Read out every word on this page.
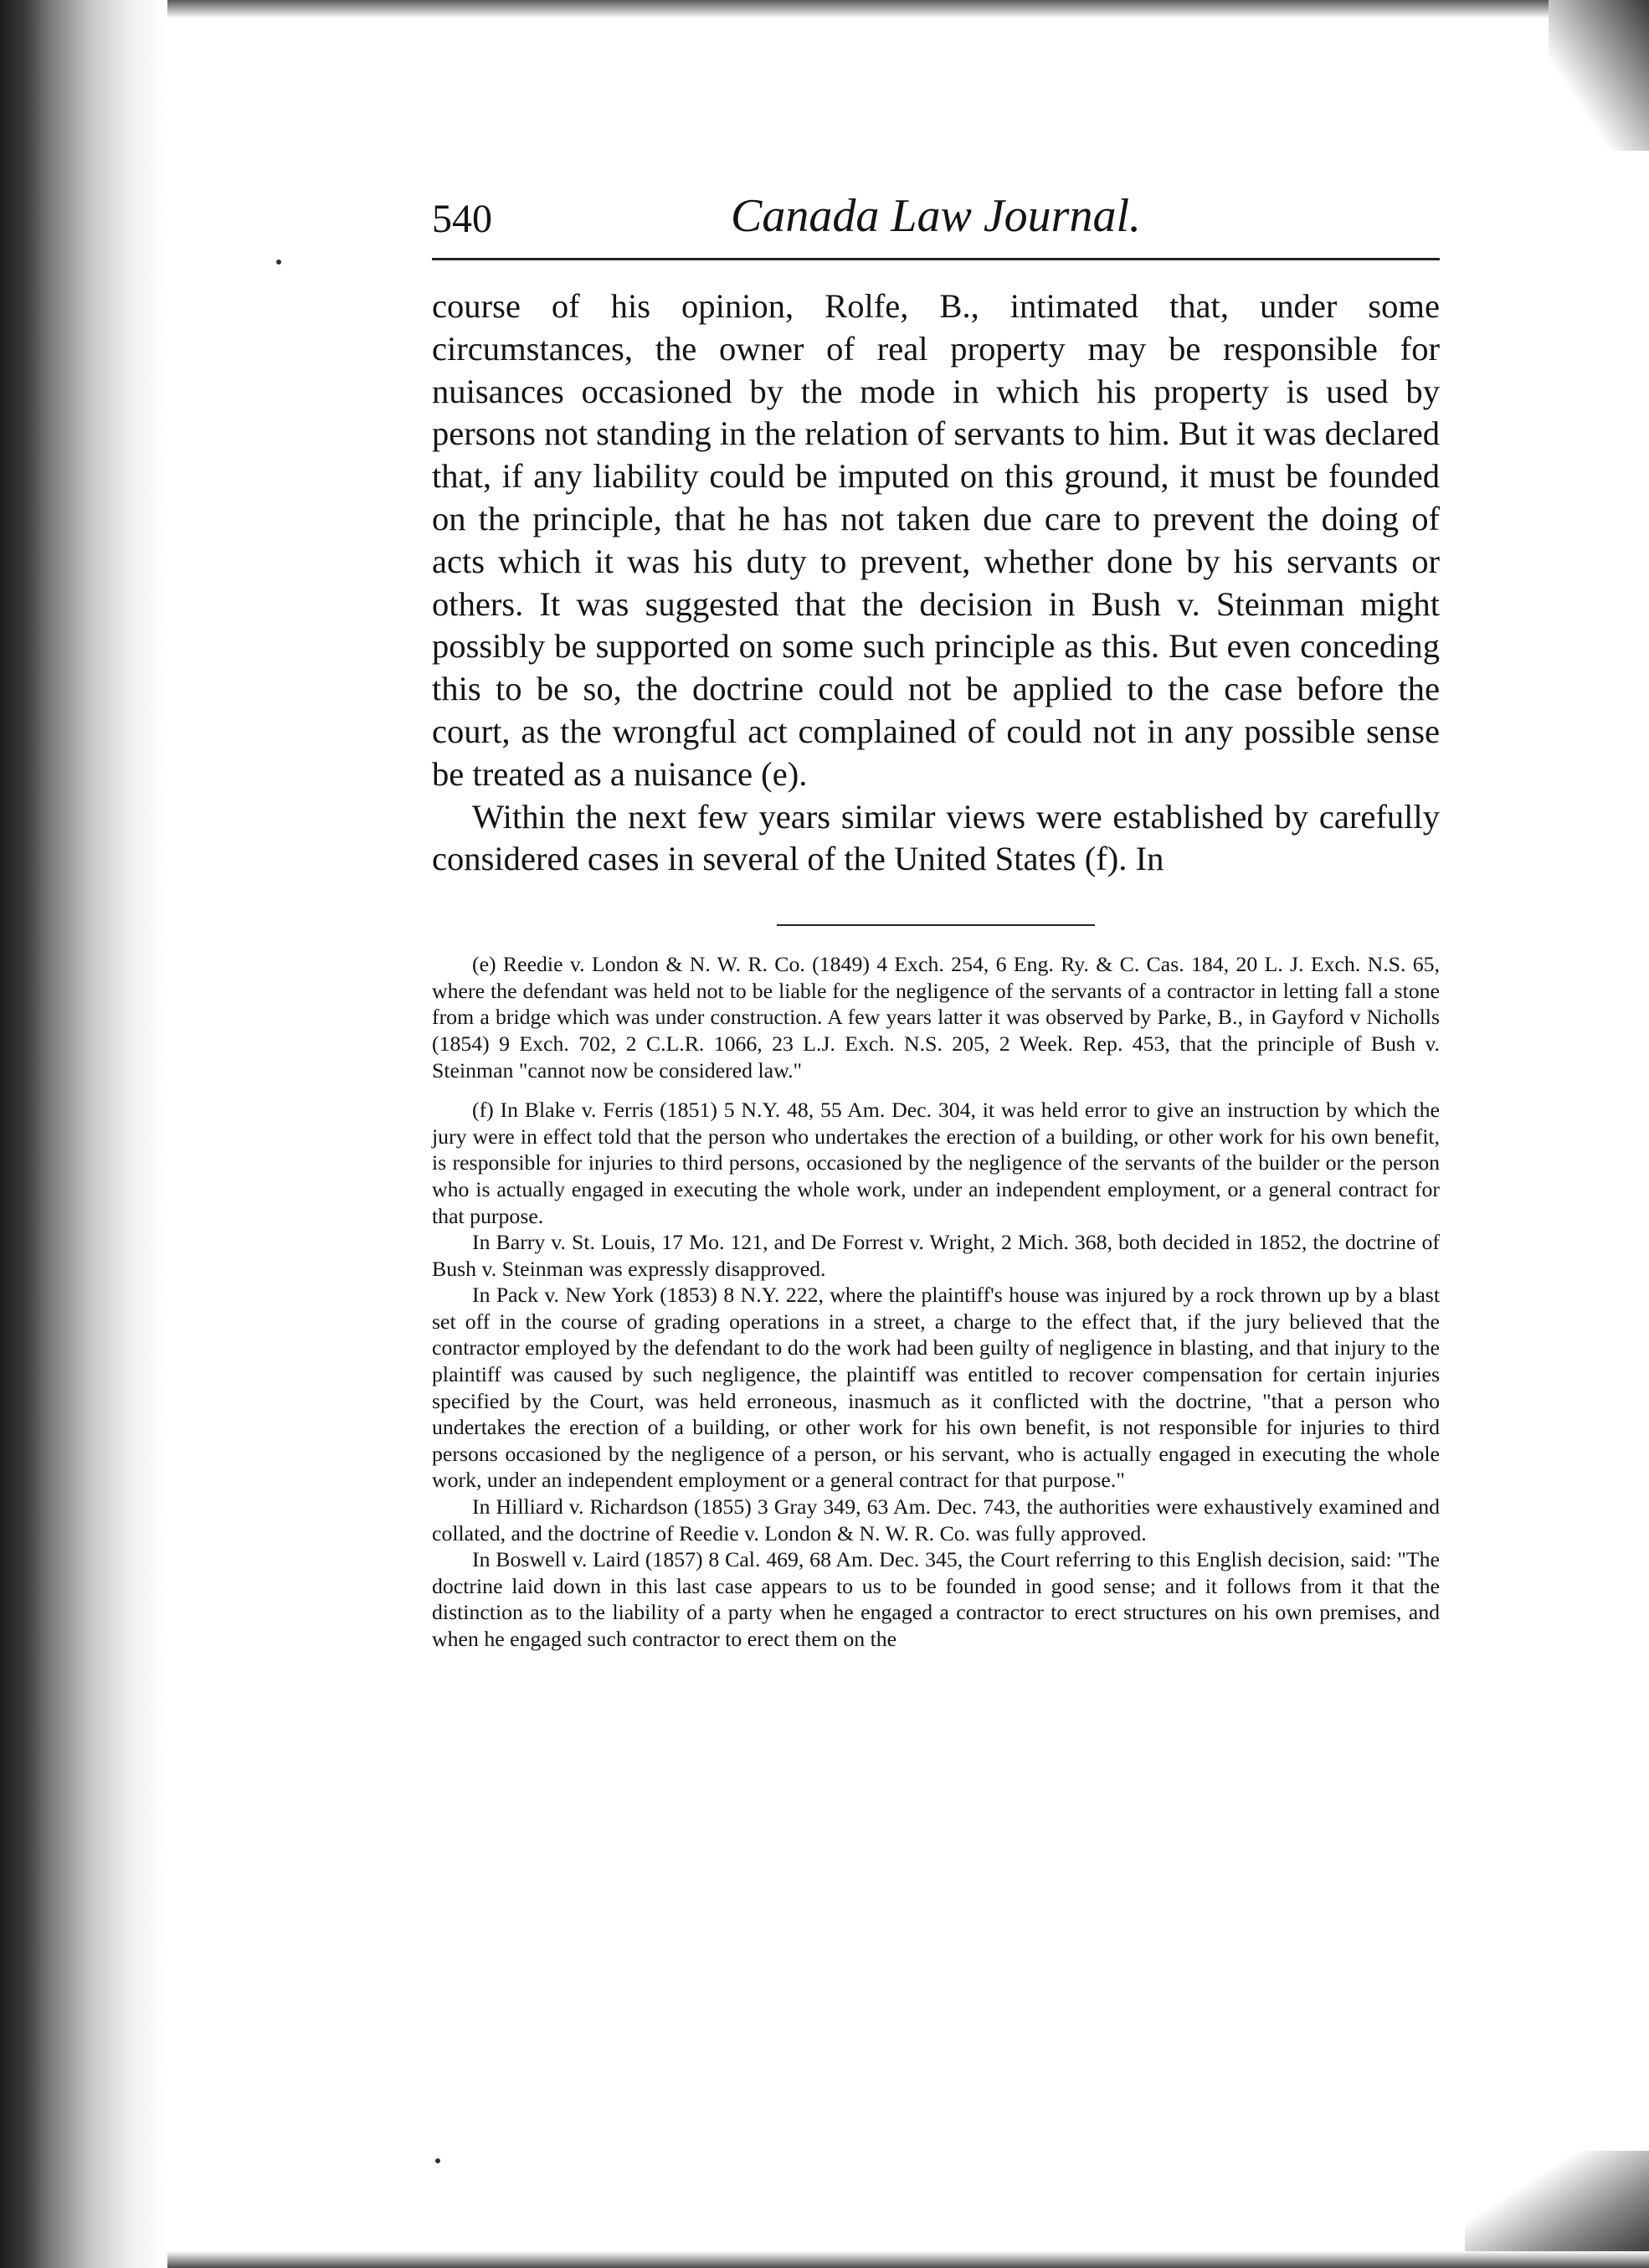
540	Canada Law Journal.

course of his opinion, Rolfe, B., intimated that, under some circumstances, the owner of real property may be responsible for nuisances occasioned by the mode in which his property is used by persons not standing in the relation of servants to him. But it was declared that, if any liability could be imputed on this ground, it must be founded on the principle, that he has not taken due care to prevent the doing of acts which it was his duty to prevent, whether done by his servants or others. It was suggested that the decision in Bush v. Steinman might possibly be supported on some such principle as this. But even conceding this to be so, the doctrine could not be applied to the case before the court, as the wrongful act complained of could not in any possible sense be treated as a nuisance (e).

Within the next few years similar views were established by carefully considered cases in several of the United States (f). In

(e) Reedie v. London & N. W. R. Co. (1849) 4 Exch. 254, 6 Eng. Ry. & C. Cas. 184, 20 L. J. Exch. N.S. 65, where the defendant was held not to be liable for the negligence of the servants of a contractor in letting fall a stone from a bridge which was under construction. A few years latter it was observed by Parke, B., in Gayford v Nicholls (1854) 9 Exch. 702, 2 C.L.R. 1066, 23 L.J. Exch. N.S. 205, 2 Week. Rep. 453, that the principle of Bush v. Steinman "cannot now be considered law."

(f) In Blake v. Ferris (1851) 5 N.Y. 48, 55 Am. Dec. 304, it was held error to give an instruction by which the jury were in effect told that the person who undertakes the erection of a building, or other work for his own benefit, is responsible for injuries to third persons, occasioned by the negligence of the servants of the builder or the person who is actually engaged in executing the whole work, under an independent employment, or a general contract for that purpose.

In Barry v. St. Louis, 17 Mo. 121, and De Forrest v. Wright, 2 Mich. 368, both decided in 1852, the doctrine of Bush v. Steinman was expressly disapproved.

In Pack v. New York (1853) 8 N.Y. 222, where the plaintiff's house was injured by a rock thrown up by a blast set off in the course of grading operations in a street, a charge to the effect that, if the jury believed that the contractor employed by the defendant to do the work had been guilty of negligence in blasting, and that injury to the plaintiff was caused by such negligence, the plaintiff was entitled to recover compensation for certain injuries specified by the Court, was held erroneous, inasmuch as it conflicted with the doctrine, "that a person who undertakes the erection of a building, or other work for his own benefit, is not responsible for injuries to third persons occasioned by the negligence of a person, or his servant, who is actually engaged in executing the whole work, under an independent employment or a general contract for that purpose."

In Hilliard v. Richardson (1855) 3 Gray 349, 63 Am. Dec. 743, the authorities were exhaustively examined and collated, and the doctrine of Reedie v. London & N. W. R. Co. was fully approved.

In Boswell v. Laird (1857) 8 Cal. 469, 68 Am. Dec. 345, the Court referring to this English decision, said: "The doctrine laid down in this last case appears to us to be founded in good sense; and it follows from it that the distinction as to the liability of a party when he engaged a contractor to erect structures on his own premises, and when he engaged such contractor to erect them on the
